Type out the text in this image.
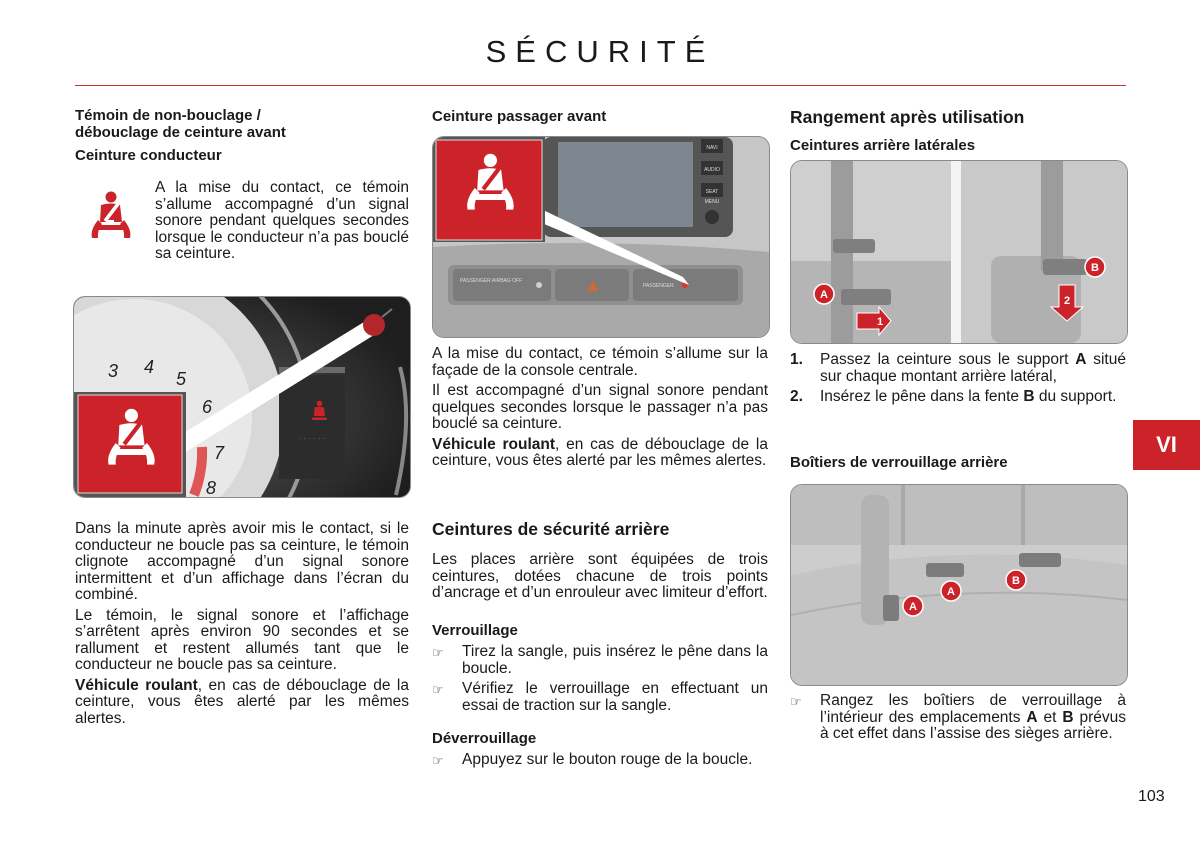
SÉCURITÉ
Témoin de non-bouclage /
débouclage de ceinture avant
Ceinture conducteur
A la mise du contact, ce témoin s’allume accompagné d’un signal sonore pendant quelques secondes lorsque le conducteur n’a pas bouclé sa ceinture.
· · · · · ·
3 4
5
6
7
8

Dans la minute après avoir mis le contact, si le conducteur ne boucle pas sa ceinture, le témoin clignote accompagné d’un signal sonore intermittent et d’un affichage dans l’écran du combiné.

Le témoin, le signal sonore et l’affichage s’arrêtent après environ 90 secondes et se rallument et restent allumés tant que le conducteur ne boucle pas sa ceinture.

Véhicule roulant, en cas de débouclage de la ceinture, vous êtes alerté par les mêmes alertes.

Ceinture passager avant
NAVI
AUDIO
SEAT
MENU
PASSENGER AIRBAG OFF
PASSENGER

A la mise du contact, ce témoin s’allume sur la façade de la console centrale.

Il est accompagné d’un signal sonore pendant quelques secondes lorsque le passager n’a pas bouclé sa ceinture.

Véhicule roulant, en cas de débouclage de la ceinture, vous êtes alerté par les mêmes alertes.

Ceintures de sécurité arrière
Les places arrière sont équipées de trois ceintures, dotées chacune de trois points d’ancrage et d’un enrouleur avec limiteur d’effort.
Verrouillage
☞	Tirez la sangle, puis insérez le pêne dans la boucle.
☞	Vérifiez le verrouillage en effectuant un essai de traction sur la sangle.
Déverrouillage
☞	Appuyez sur le bouton rouge de la boucle.
Rangement après utilisation
Ceintures arrière latérales
A
B
1
2
1.	Passez la ceinture sous le support A situé sur chaque montant arrière latéral,
2.	Insérez le pêne dans la fente B du support.
Boîtiers de verrouillage arrière
A
A
B
☞	Rangez les boîtiers de verrouillage à l’intérieur des emplacements A et B prévus à cet effet dans l’assise des sièges arrière.
VI
103
